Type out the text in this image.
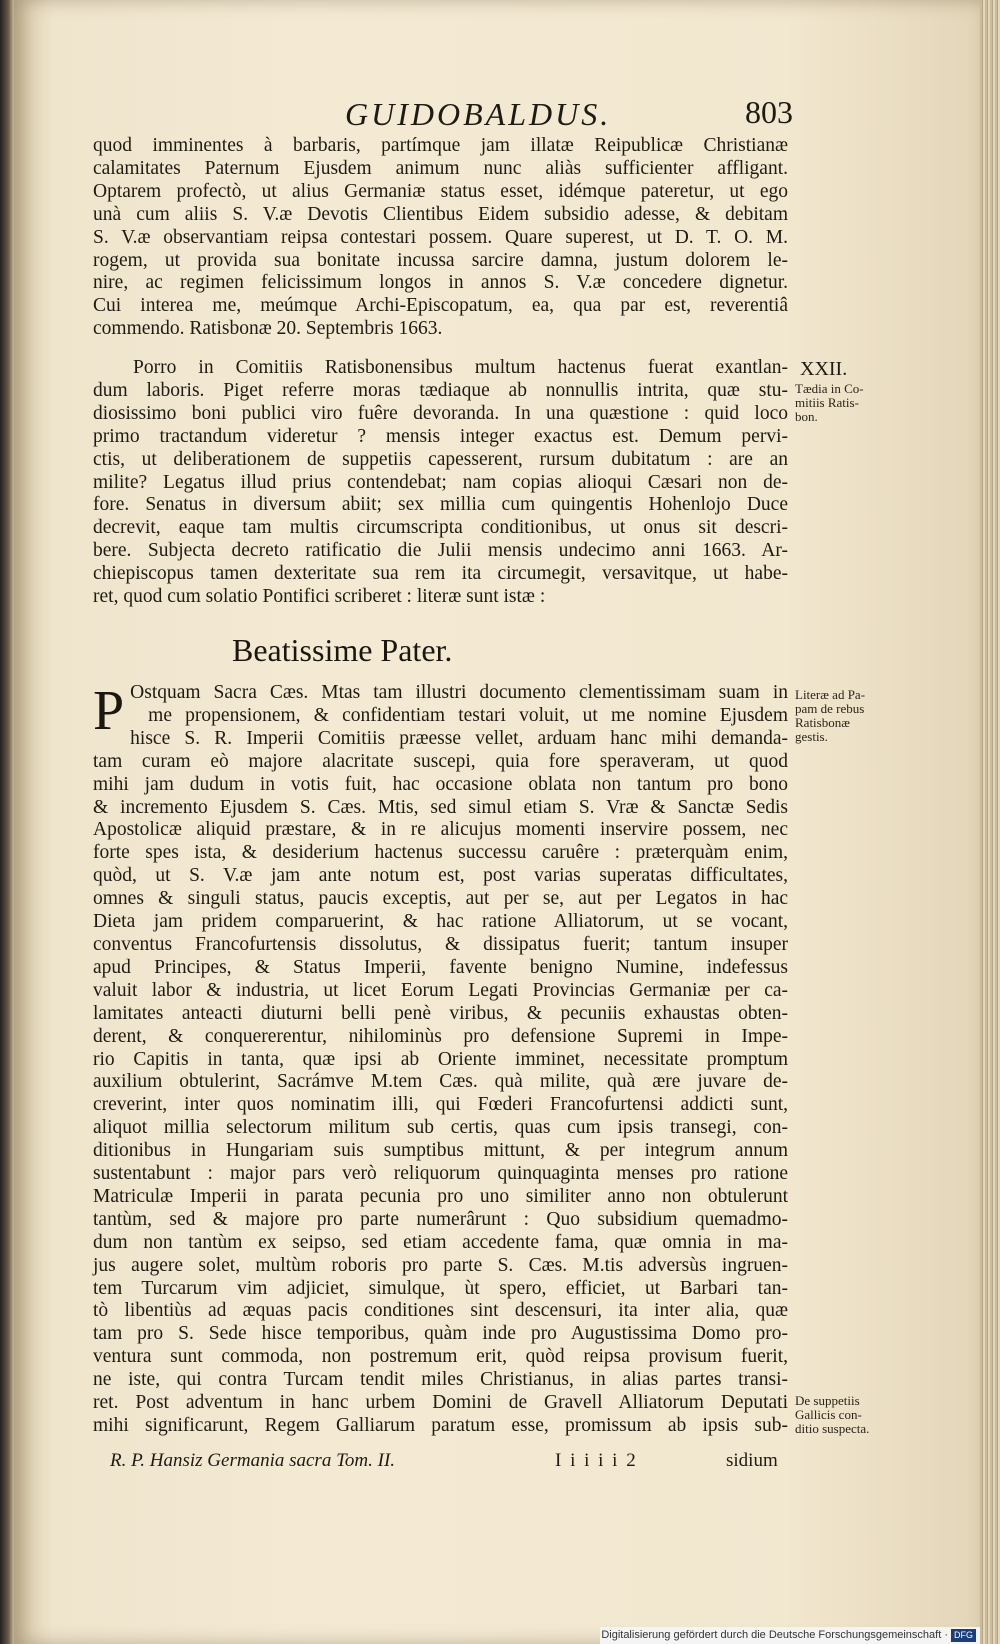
GUIDOBALDUS.	803
quod imminentes à barbaris, partímque jam illatæ Reipublicæ Christianæ
calamitates Paternum Ejusdem animum nunc aliàs sufficienter affligant.
Optarem profectò, ut alius Germaniæ status esset, idémque pateretur, ut ego
unà cum aliis S. V.æ Devotis Clientibus Eidem subsidio adesse, & debitam
S. V.æ observantiam reipsa contestari possem. Quare superest, ut D. T. O. M.
rogem, ut provida sua bonitate incussa sarcire damna, justum dolorem le-
nire, ac regimen felicissimum longos in annos S. V.æ concedere dignetur.
Cui interea me, meúmque Archi-Episcopatum, ea, qua par est, reverentiâ
commendo. Ratisbonæ 20. Septembris 1663.
XXII.
Tædia in Co-
mitiis Ratis-
bon.
Porro in Comitiis Ratisbonensibus multum hactenus fuerat exantlan-
dum laboris. Piget referre moras tædiaque ab nonnullis intrita, quæ stu-
diosissimo boni publici viro fuêre devoranda. In una quæstione : quid loco
primo tractandum videretur ? mensis integer exactus est. Demum pervi-
ctis, ut deliberationem de suppetiis capesserent, rursum dubitatum : are an
milite? Legatus illud prius contendebat; nam copias alioqui Cæsari non de-
fore. Senatus in diversum abiit; sex millia cum quingentis Hohenlojo Duce
decrevit, eaque tam multis circumscripta conditionibus, ut onus sit descri-
bere. Subjecta decreto ratificatio die Julii mensis undecimo anni 1663. Ar-
chiepiscopus tamen dexteritate sua rem ita circumegit, versavitque, ut habe-
ret, quod cum solatio Pontifici scriberet : literæ sunt istæ :
Beatissime Pater.
Literæ ad Pa-
pam de rebus
Ratisbonæ
gestis.
P Ostquam Sacra Cæs. Mtas tam illustri documento clementissimam suam in
me propensionem, & confidentiam testari voluit, ut me nomine Ejusdem
hisce S. R. Imperii Comitiis præesse vellet, arduam hanc mihi demanda-
tam curam eò majore alacritate suscepi, quia fore speraveram, ut quod
mihi jam dudum in votis fuit, hac occasione oblata non tantum pro bono
& incremento Ejusdem S. Cæs. Mtis, sed simul etiam S. Vræ & Sanctæ Sedis
Apostolicæ aliquid præstare, & in re alicujus momenti inservire possem, nec
forte spes ista, & desiderium hactenus successu caruêre : præterquàm enim,
quòd, ut S. V.æ jam ante notum est, post varias superatas difficultates,
omnes & singuli status, paucis exceptis, aut per se, aut per Legatos in hac
Dieta jam pridem comparuerint, & hac ratione Alliatorum, ut se vocant,
conventus Francofurtensis dissolutus, & dissipatus fuerit; tantum insuper
apud Principes, & Status Imperii, favente benigno Numine, indefessus
valuit labor & industria, ut licet Eorum Legati Provincias Germaniæ per ca-
lamitates anteacti diuturni belli penè viribus, & pecuniis exhaustas obten-
derent, & conquererentur, nihilominùs pro defensione Supremi in Impe-
rio Capitis in tanta, quæ ipsi ab Oriente imminet, necessitate promptum
auxilium obtulerint, Sacrámve M.tem Cæs. quà milite, quà ære juvare de-
creverint, inter quos nominatim illi, qui Fœderi Francofurtensi addicti sunt,
aliquot millia selectorum militum sub certis, quas cum ipsis transegi, con-
ditionibus in Hungariam suis sumptibus mittunt, & per integrum annum
sustentabunt : major pars verò reliquorum quinquaginta menses pro ratione
Matriculæ Imperii in parata pecunia pro uno similiter anno non obtulerunt
tantùm, sed & majore pro parte numerârunt : Quo subsidium quemadmo-
dum non tantùm ex seipso, sed etiam accedente fama, quæ omnia in ma-
jus augere solet, multùm roboris pro parte S. Cæs. M.tis adversùs ingruen-
tem Turcarum vim adjiciet, simulque, ùt spero, efficiet, ut Barbari tan-
tò libentiùs ad æquas pacis conditiones sint descensuri, ita inter alia, quæ
tam pro S. Sede hisce temporibus, quàm inde pro Augustissima Domo pro-
ventura sunt commoda, non postremum erit, quòd reipsa provisum fuerit,
ne iste, qui contra Turcam tendit miles Christianus, in alias partes transi-
ret. Post adventum in hanc urbem Domini de Gravell Alliatorum Deputati
mihi significarunt, Regem Galliarum paratum esse, promissum ab ipsis sub-
De suppetiis
Gallicis con-
ditio suspecta.
R. P. Hansiz Germania sacra Tom. II.	I i i i i 2	sidium
Digitalisierung gefördert durch die Deutsche Forschungsgemeinschaft · DFG
